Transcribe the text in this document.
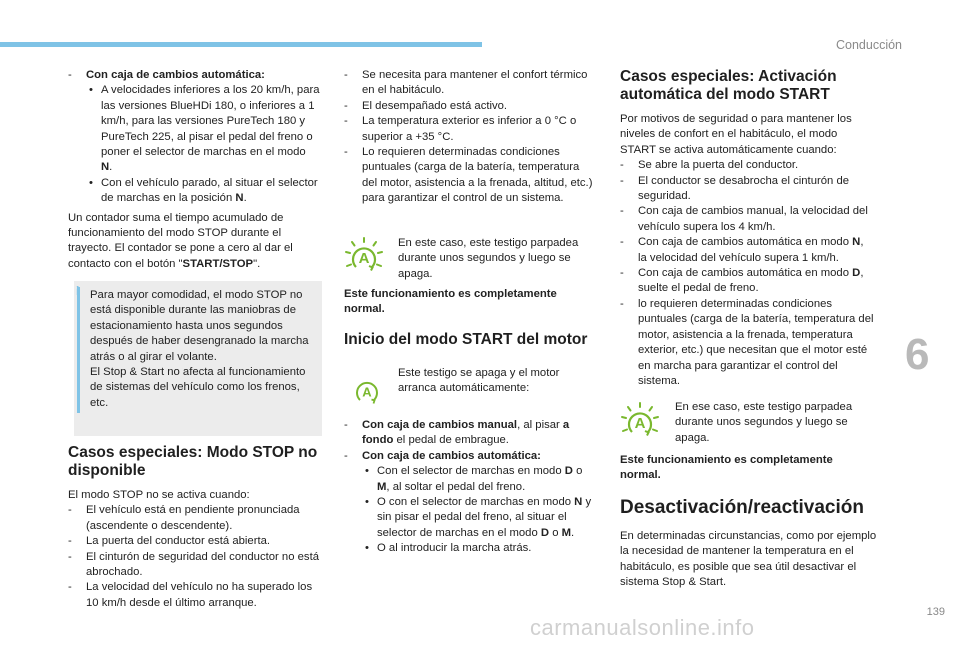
Conducción

- Con caja de cambios automática:

• A velocidades inferiores a los 20 km/h, para las versiones BlueHDi 180, o inferiores a 1 km/h, para las versiones PureTech 180 y PureTech 225, al pisar el pedal del freno o poner el selector de marchas en el modo N.

• Con el vehículo parado, al situar el selector de marchas en la posición N.

Un contador suma el tiempo acumulado de funcionamiento del modo STOP durante el trayecto. El contador se pone a cero al dar el contacto con el botón "START/STOP".

i Para mayor comodidad, el modo STOP no está disponible durante las maniobras de estacionamiento hasta unos segundos después de haber desengranado la marcha atrás o al girar el volante.

El Stop & Start no afecta al funcionamiento de sistemas del vehículo como los frenos, etc.

Casos especiales: Modo STOP no disponible

El modo STOP no se activa cuando:

- El vehículo está en pendiente pronunciada (ascendente o descendente).

- La puerta del conductor está abierta.

- El cinturón de seguridad del conductor no está abrochado.

- La velocidad del vehículo no ha superado los 10 km/h desde el último arranque.

- Se necesita para mantener el confort térmico en el habitáculo.

- El desempañado está activo.

- La temperatura exterior es inferior a 0 °C o superior a +35 °C.

- Lo requieren determinadas condiciones puntuales (carga de la batería, temperatura del motor, asistencia a la frenada, altitud, etc.) para garantizar el control de un sistema.

A

En este caso, este testigo parpadea durante unos segundos y luego se apaga.

Este funcionamiento es completamente normal.

Inicio del modo START del motor
A

Este testigo se apaga y el motor arranca automáticamente:

- Con caja de cambios manual, al pisar a fondo el pedal de embrague.

- Con caja de cambios automática:

• Con el selector de marchas en modo D o M, al soltar el pedal del freno.

• O con el selector de marchas en modo N y sin pisar el pedal del freno, al situar el selector de marchas en el modo D o M.

• O al introducir la marcha atrás.

Casos especiales: Activación automática del modo START

Por motivos de seguridad o para mantener los niveles de confort en el habitáculo, el modo START se activa automáticamente cuando:

- Se abre la puerta del conductor.

- El conductor se desabrocha el cinturón de seguridad.

- Con caja de cambios manual, la velocidad del vehículo supera los 4 km/h.

- Con caja de cambios automática en modo N, la velocidad del vehículo supera 1 km/h.

- Con caja de cambios automática en modo D, suelte el pedal de freno.

- lo requieren determinadas condiciones puntuales (carga de la batería, temperatura del motor, asistencia a la frenada, temperatura exterior, etc.) que necesitan que el motor esté en marcha para garantizar el control del sistema.

A

En ese caso, este testigo parpadea durante unos segundos y luego se apaga.

Este funcionamiento es completamente normal.

Desactivación/reactivación

En determinadas circunstancias, como por ejemplo la necesidad de mantener la temperatura en el habitáculo, es posible que sea útil desactivar el sistema Stop & Start.

6
139
carmanualsonline.info
